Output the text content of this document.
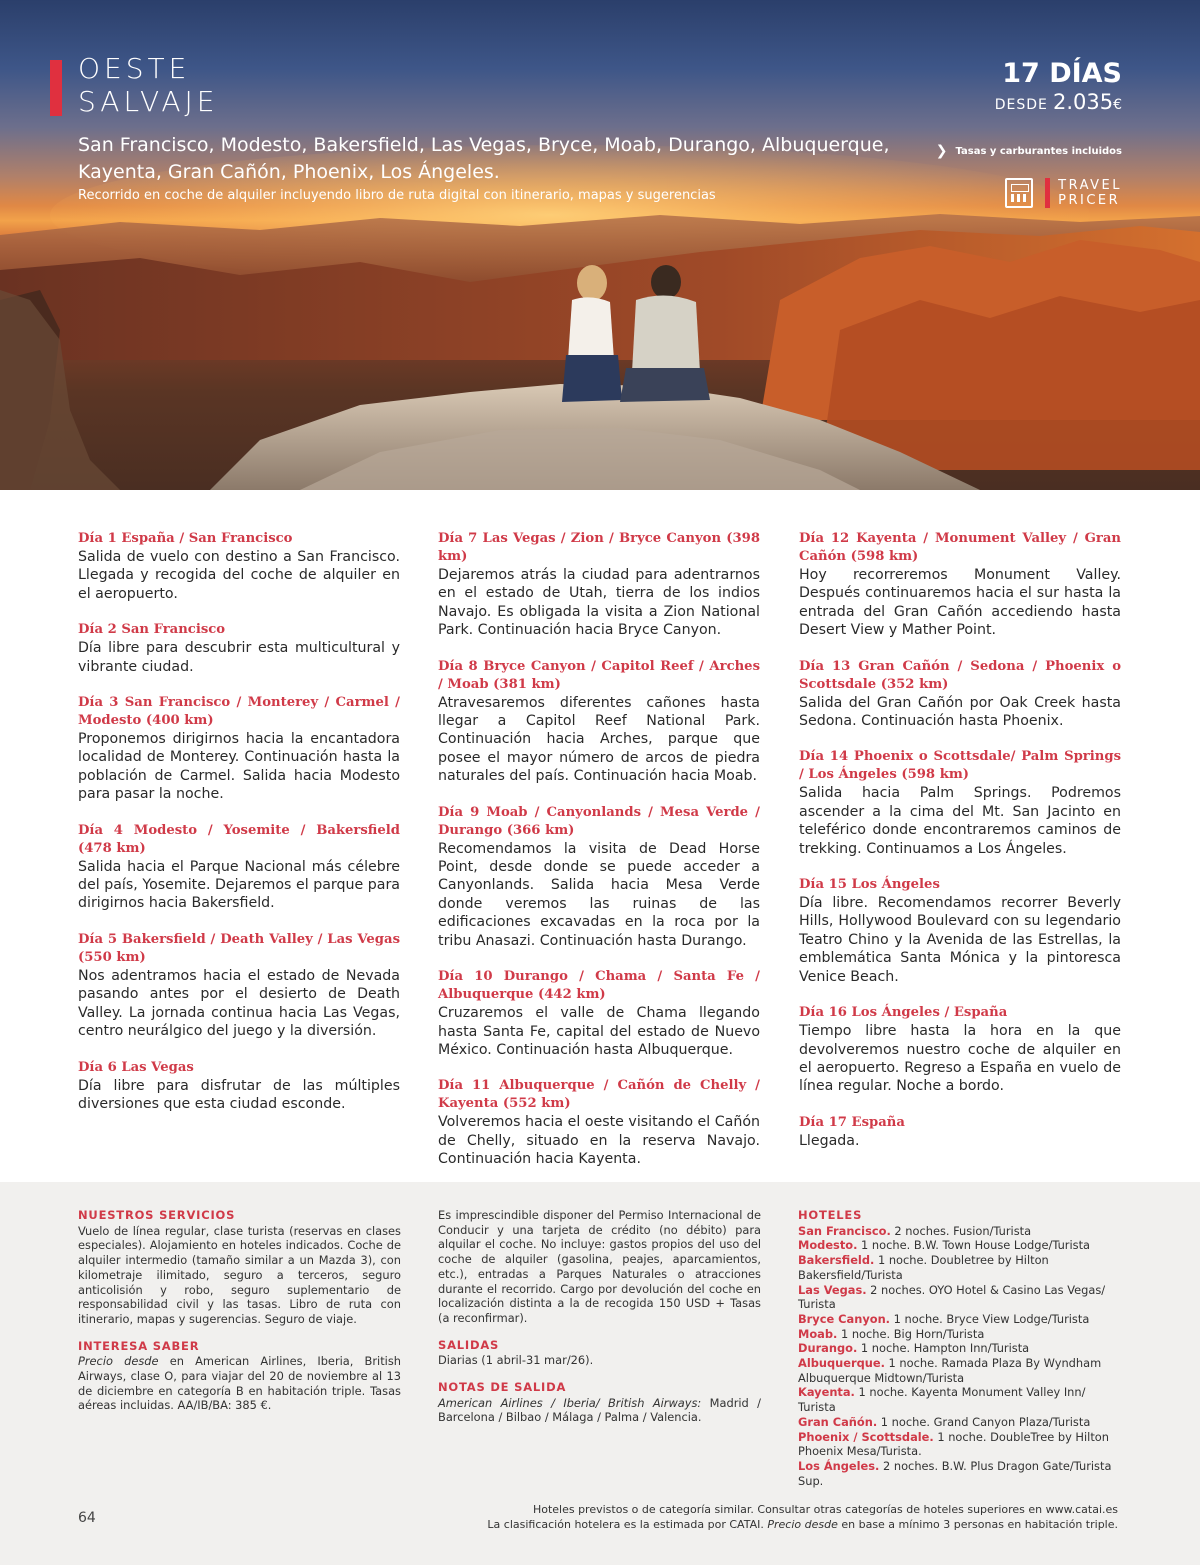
OESTE
SALVAJE
San Francisco, Modesto, Bakersfield, Las Vegas, Bryce, Moab, Durango, Albuquerque, Kayenta, Gran Cañón, Phoenix, Los Ángeles.
Recorrido en coche de alquiler incluyendo libro de ruta digital con itinerario, mapas y sugerencias
17 DÍAS
DESDE 2.035€
❯ Tasas y carburantes incluidos
TRAVEL
PRICER
Día 1 España / San Francisco

Salida de vuelo con destino a San Francisco. Llegada y recogida del coche de alquiler en el aeropuerto.

Día 2 San Francisco

Día libre para descubrir esta multicultural y vibrante ciudad.

Día 3 San Francisco / Monterey / Carmel / Modesto (400 km)

Proponemos dirigirnos hacia la encantadora localidad de Monterey. Continuación hasta la población de Carmel. Salida hacia Modesto para pasar la noche.

Día 4 Modesto / Yosemite / Bakersfield (478 km)

Salida hacia el Parque Nacional más célebre del país, Yosemite. Dejaremos el parque para dirigirnos hacia Bakersfield.

Día 5 Bakersfield / Death Valley / Las Vegas (550 km)

Nos adentramos hacia el estado de Nevada pasando antes por el desierto de Death Valley. La jornada continua hacia Las Vegas, centro neurálgico del juego y la diversión.

Día 6 Las Vegas

Día libre para disfrutar de las múltiples diversiones que esta ciudad esconde.

Día 7 Las Vegas / Zion / Bryce Canyon (398 km)

Dejaremos atrás la ciudad para adentrarnos en el estado de Utah, tierra de los indios Navajo. Es obligada la visita a Zion National Park. Continuación hacia Bryce Canyon.

Día 8 Bryce Canyon / Capitol Reef / Arches / Moab (381 km)

Atravesaremos diferentes cañones hasta llegar a Capitol Reef National Park. Continuación hacia Arches, parque que posee el mayor número de arcos de piedra naturales del país. Continuación hacia Moab.

Día 9 Moab / Canyonlands / Mesa Verde / Durango (366 km)

Recomendamos la visita de Dead Horse Point, desde donde se puede acceder a Canyonlands. Salida hacia Mesa Verde donde veremos las ruinas de las edificaciones excavadas en la roca por la tribu Anasazi. Continuación hasta Durango.

Día 10 Durango / Chama / Santa Fe / Albuquerque (442 km)

Cruzaremos el valle de Chama llegando hasta Santa Fe, capital del estado de Nuevo México. Continuación hasta Albuquerque.

Día 11 Albuquerque / Cañón de Chelly / Kayenta (552 km)

Volveremos hacia el oeste visitando el Cañón de Chelly, situado en la reserva Navajo. Continuación hacia Kayenta.

Día 12 Kayenta / Monument Valley / Gran Cañón (598 km)

Hoy recorreremos Monument Valley. Después continuaremos hacia el sur hasta la entrada del Gran Cañón accediendo hasta Desert View y Mather Point.

Día 13 Gran Cañón / Sedona / Phoenix o Scottsdale (352 km)

Salida del Gran Cañón por Oak Creek hasta Sedona. Continuación hasta Phoenix.

Día 14 Phoenix o Scottsdale/ Palm Springs / Los Ángeles (598 km)

Salida hacia Palm Springs. Podremos ascender a la cima del Mt. San Jacinto en teleférico donde encontraremos caminos de trekking. Continuamos a Los Ángeles.

Día 15 Los Ángeles

Día libre. Recomendamos recorrer Beverly Hills, Hollywood Boulevard con su legendario Teatro Chino y la Avenida de las Estrellas, la emblemática Santa Mónica y la pintoresca Venice Beach.

Día 16 Los Ángeles / España

Tiempo libre hasta la hora en la que devolveremos nuestro coche de alquiler en el aeropuerto. Regreso a España en vuelo de línea regular. Noche a bordo.

Día 17 España

Llegada.

NUESTROS SERVICIOS
Vuelo de línea regular, clase turista (reservas en clases especiales). Alojamiento en hoteles indicados. Coche de alquiler intermedio (tamaño similar a un Mazda 3), con kilometraje ilimitado, seguro a terceros, seguro anticolisión y robo, seguro suplementario de responsabilidad civil y las tasas. Libro de ruta con itinerario, mapas y sugerencias. Seguro de viaje.
INTERESA SABER
Precio desde en American Airlines, Iberia, British Airways, clase O, para viajar del 20 de noviembre al 13 de diciembre en categoría B en habitación triple. Tasas aéreas incluidas. AA/IB/BA: 385 €.
Es imprescindible disponer del Permiso Internacional de Conducir y una tarjeta de crédito (no débito) para alquilar el coche. No incluye: gastos propios del uso del coche de alquiler (gasolina, peajes, aparcamientos, etc.), entradas a Parques Naturales o atracciones durante el recorrido. Cargo por devolución del coche en localización distinta a la de recogida 150 USD + Tasas (a reconfirmar).
SALIDAS
Diarias (1 abril-31 mar/26).
NOTAS DE SALIDA
American Airlines / Iberia/ British Airways: Madrid / Barcelona / Bilbao / Málaga / Palma / Valencia.
HOTELES
San Francisco. 2 noches. Fusion/Turista
Modesto. 1 noche. B.W. Town House Lodge/Turista
Bakersfield. 1 noche. Doubletree by Hilton Bakersfield/Turista
Las Vegas. 2 noches. OYO Hotel & Casino Las Vegas/ Turista
Bryce Canyon. 1 noche. Bryce View Lodge/Turista
Moab. 1 noche. Big Horn/Turista
Durango. 1 noche. Hampton Inn/Turista
Albuquerque. 1 noche. Ramada Plaza By Wyndham Albuquerque Midtown/Turista
Kayenta. 1 noche. Kayenta Monument Valley Inn/ Turista
Gran Cañón. 1 noche. Grand Canyon Plaza/Turista
Phoenix / Scottsdale. 1 noche. DoubleTree by Hilton Phoenix Mesa/Turista.
Los Ángeles. 2 noches. B.W. Plus Dragon Gate/Turista Sup.
64
Hoteles previstos o de categoría similar. Consultar otras categorías de hoteles superiores en www.catai.es
La clasificación hotelera es la estimada por CATAI. Precio desde en base a mínimo 3 personas en habitación triple.
